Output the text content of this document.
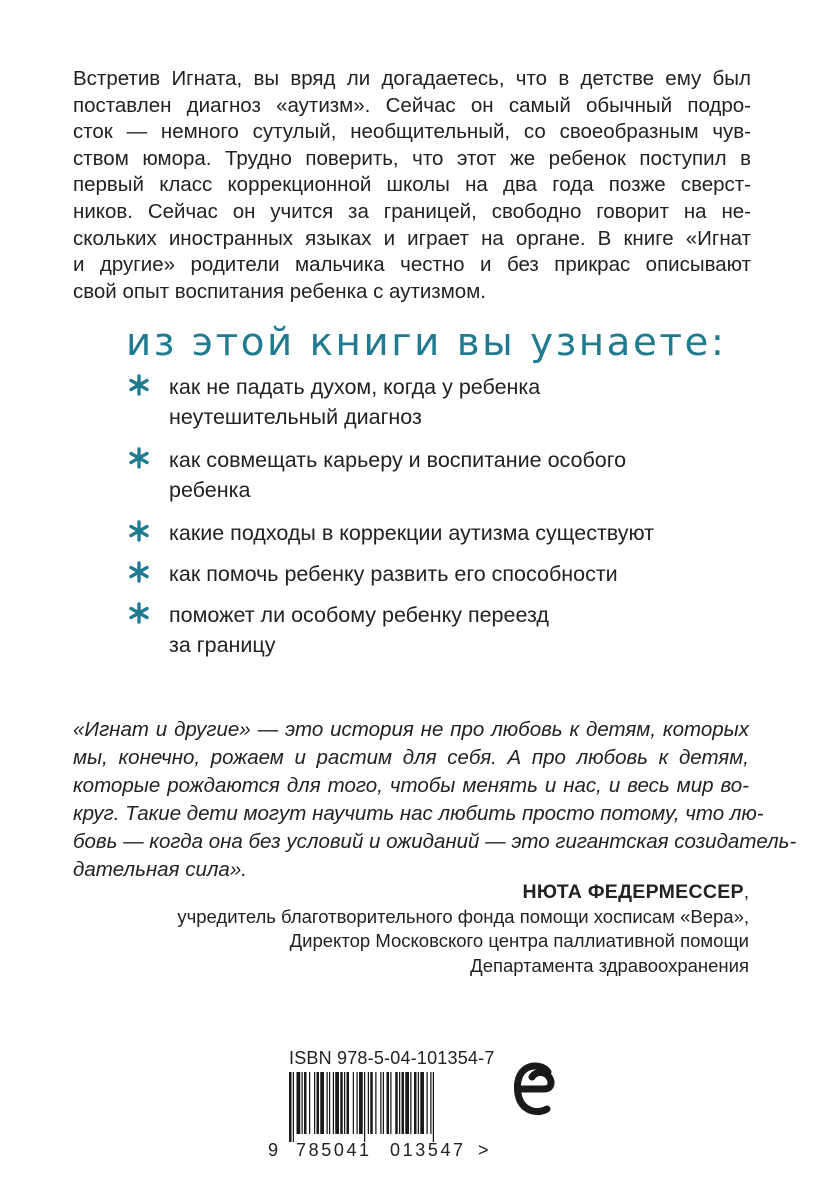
Встретив Игната, вы вряд ли догадаетесь, что в детстве ему был
поставлен диагноз «аутизм». Сейчас он самый обычный подро-
сток — немного сутулый, необщительный, со своеобразным чув-
ством юмора. Трудно поверить, что этот же ребенок поступил в
первый класс коррекционной школы на два года позже сверст-
ников. Сейчас он учится за границей, свободно говорит на не-
скольких иностранных языках и играет на органе. В книге «Игнат
и другие» родители мальчика честно и без прикрас описывают
свой опыт воспитания ребенка с аутизмом.
из этой книги вы узнаете:
как не падать духом, когда у ребенка
неутешительный диагноз
как совмещать карьеру и воспитание особого
ребенка
какие подходы в коррекции аутизма существуют
как помочь ребенку развить его способности
поможет ли особому ребенку переезд
за границу
«Игнат и другие» — это история не про любовь к детям, которых
мы, конечно, рожаем и растим для себя. А про любовь к детям,
которые рождаются для того, чтобы менять и нас, и весь мир во-
круг. Такие дети могут научить нас любить просто потому, что лю-
бовь — когда она без условий и ожиданий — это гигантская созидатель-
дательная сила».
НЮТА ФЕДЕРМЕССЕР,
учредитель благотворительного фонда помощи хосписам «Вера»,
Директор Московского центра паллиативной помощи
Департамента здравоохранения
ISBN 978-5-04-101354-7
9 785041 013547 >
